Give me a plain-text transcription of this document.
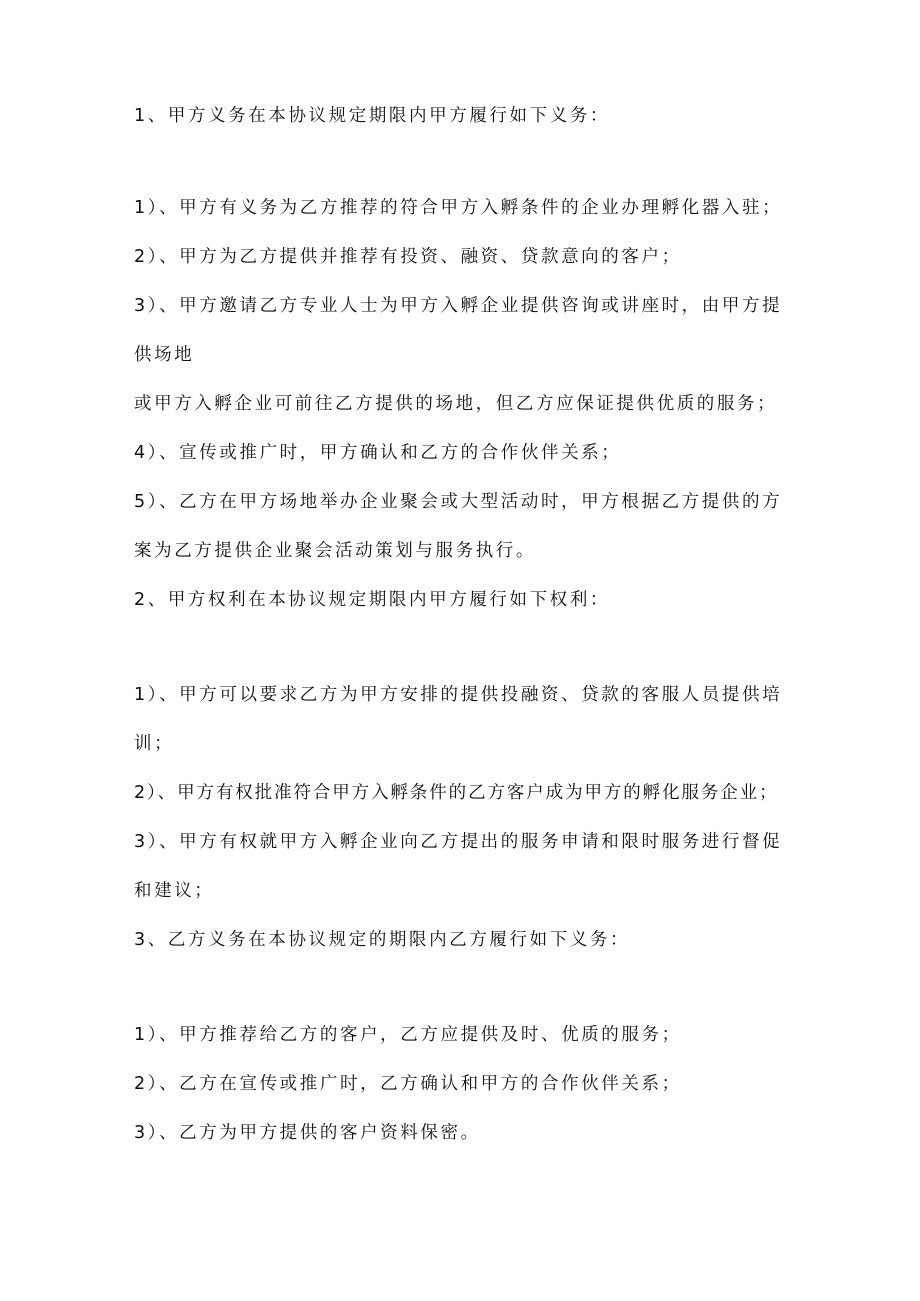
1、甲方义务在本协议规定期限内甲方履行如下义务：
1）、甲方有义务为乙方推荐的符合甲方入孵条件的企业办理孵化器入驻；
2）、甲方为乙方提供并推荐有投资、融资、贷款意向的客户；
3）、甲方邀请乙方专业人士为甲方入孵企业提供咨询或讲座时，由甲方提
供场地
或甲方入孵企业可前往乙方提供的场地，但乙方应保证提供优质的服务；
4）、宣传或推广时，甲方确认和乙方的合作伙伴关系；
5）、乙方在甲方场地举办企业聚会或大型活动时，甲方根据乙方提供的方
案为乙方提供企业聚会活动策划与服务执行。
2、甲方权利在本协议规定期限内甲方履行如下权利：
1）、甲方可以要求乙方为甲方安排的提供投融资、贷款的客服人员提供培
训；
2）、甲方有权批准符合甲方入孵条件的乙方客户成为甲方的孵化服务企业；
3）、甲方有权就甲方入孵企业向乙方提出的服务申请和限时服务进行督促
和建议；
3、乙方义务在本协议规定的期限内乙方履行如下义务：
1）、甲方推荐给乙方的客户，乙方应提供及时、优质的服务；
2）、乙方在宣传或推广时，乙方确认和甲方的合作伙伴关系；
3）、乙方为甲方提供的客户资料保密。
